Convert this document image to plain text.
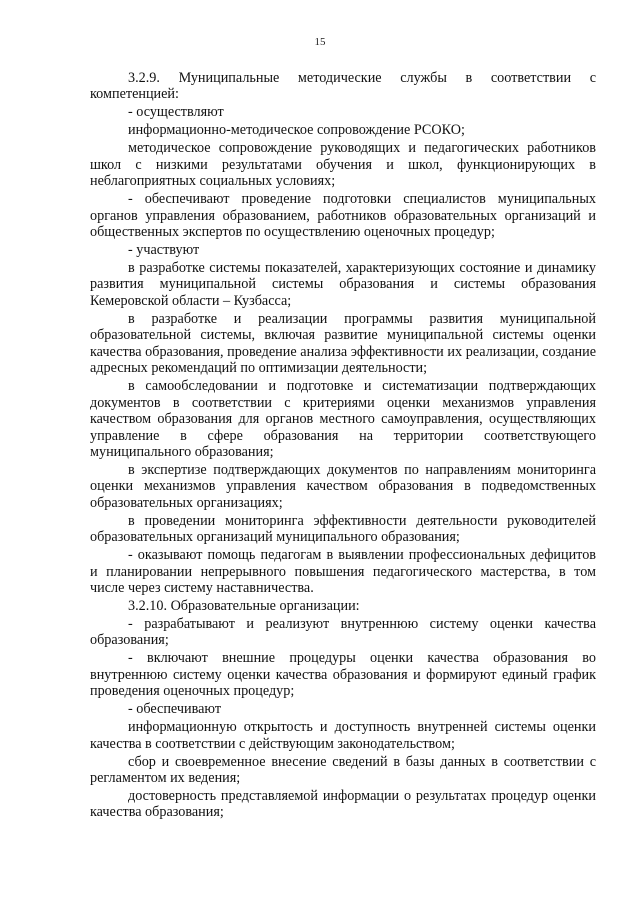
15

3.2.9. Муниципальные методические службы в соответствии с компетенцией:

- осуществляют

информационно-методическое сопровождение РСОКО;

методическое сопровождение руководящих и педагогических работников школ с низкими результатами обучения и школ, функционирующих в неблагоприятных социальных условиях;

- обеспечивают проведение подготовки специалистов муниципальных органов управления образованием, работников образовательных организаций и общественных экспертов по осуществлению оценочных процедур;

- участвуют

в разработке системы показателей, характеризующих состояние и динамику развития муниципальной системы образования и системы образования Кемеровской области – Кузбасса;

в разработке и реализации программы развития муниципальной образовательной системы, включая развитие муниципальной системы оценки качества образования, проведение анализа эффективности их реализации, создание адресных рекомендаций по оптимизации деятельности;

в самообследовании и подготовке и систематизации подтверждающих документов в соответствии с критериями оценки механизмов управления качеством образования для органов местного самоуправления, осуществляющих управление в сфере образования на территории соответствующего муниципального образования;

в экспертизе подтверждающих документов по направлениям мониторинга оценки механизмов управления качеством образования в подведомственных образовательных организациях;

в проведении мониторинга эффективности деятельности руководителей образовательных организаций муниципального образования;

- оказывают помощь педагогам в выявлении профессиональных дефицитов и планировании непрерывного повышения педагогического мастерства, в том числе через систему наставничества.

3.2.10. Образовательные организации:

- разрабатывают и реализуют внутреннюю систему оценки качества образования;

- включают внешние процедуры оценки качества образования во внутреннюю систему оценки качества образования и формируют единый график проведения оценочных процедур;

- обеспечивают

информационную открытость и доступность внутренней системы оценки качества в соответствии с действующим законодательством;

сбор и своевременное внесение сведений в базы данных в соответствии с регламентом их ведения;

достоверность представляемой информации о результатах процедур оценки качества образования;
